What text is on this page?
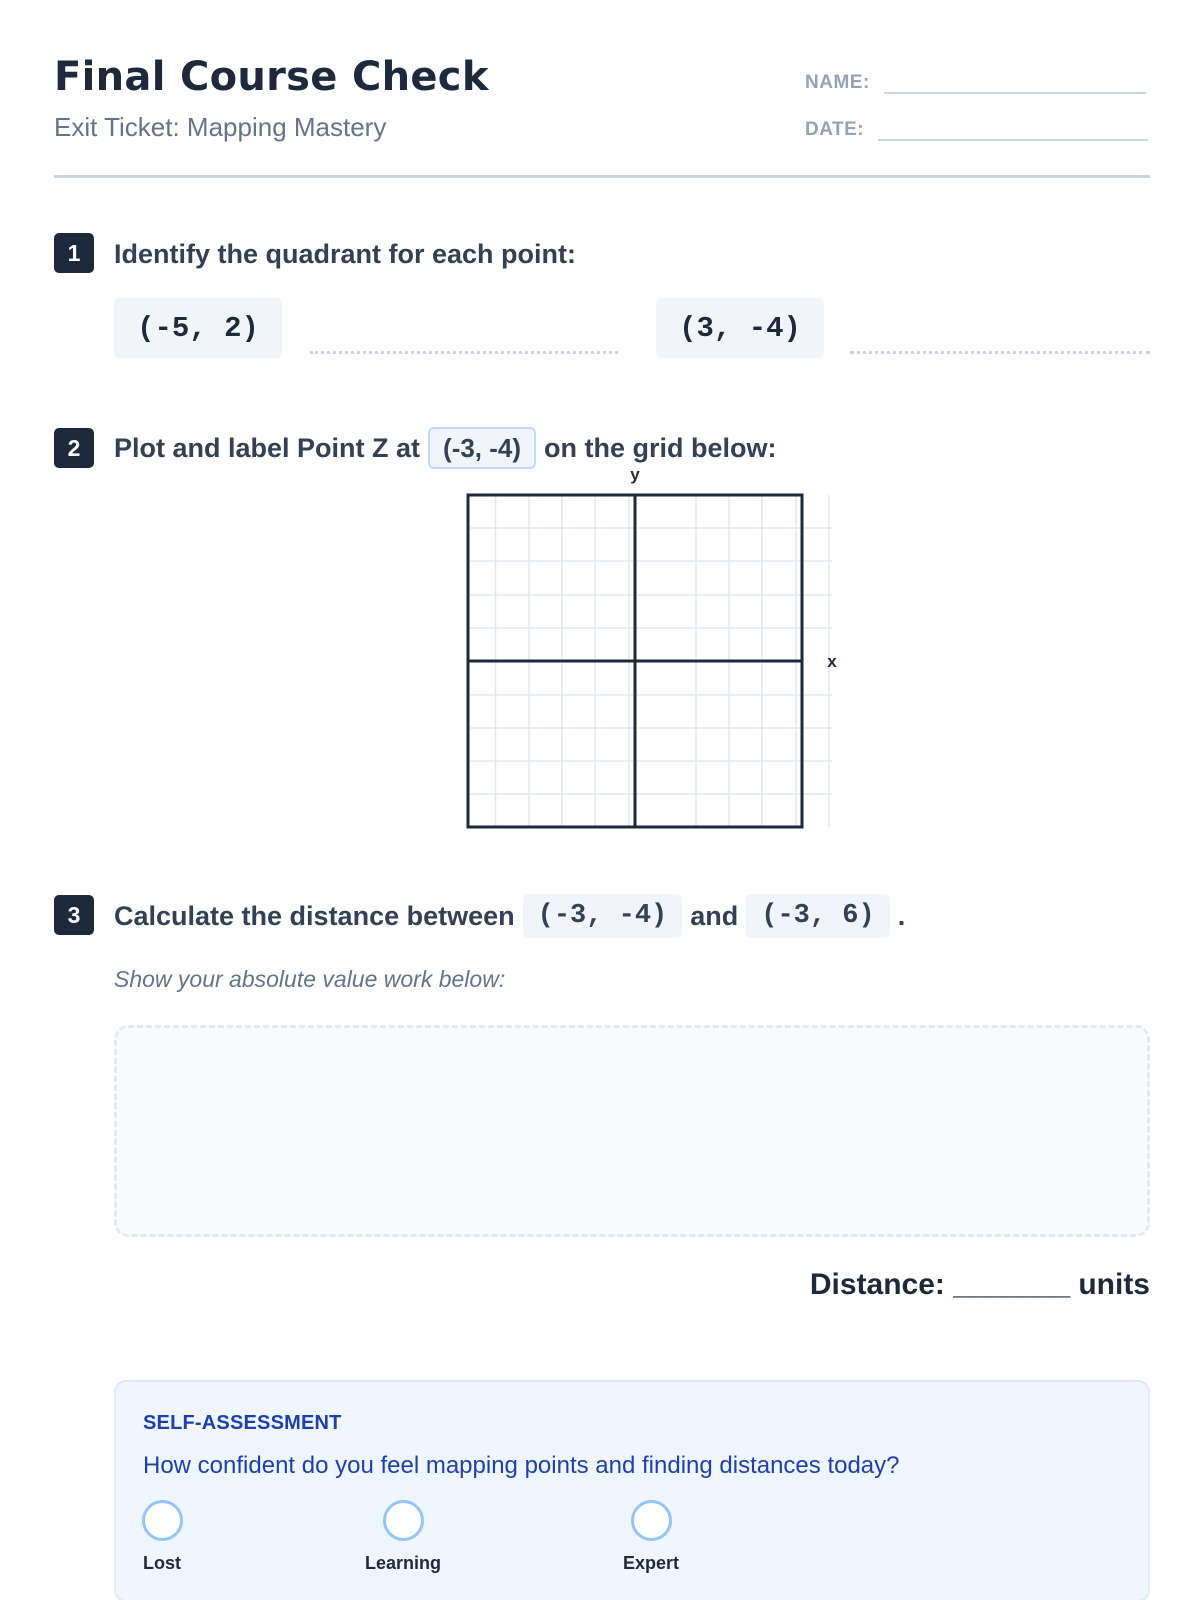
Final Course Check
Exit Ticket: Mapping Mastery
NAME:
DATE:
1	Identify the quadrant for each point:
(-5, 2)	(3, -4)
2	Plot and label Point Z at (-3, -4) on the grid below:
y
x
3	Calculate the distance between (-3, -4) and (-3, 6) .
Show your absolute value work below:
Distance: _______ units
SELF-ASSESSMENT
How confident do you feel mapping points and finding distances today?
Lost	Learning	Expert
